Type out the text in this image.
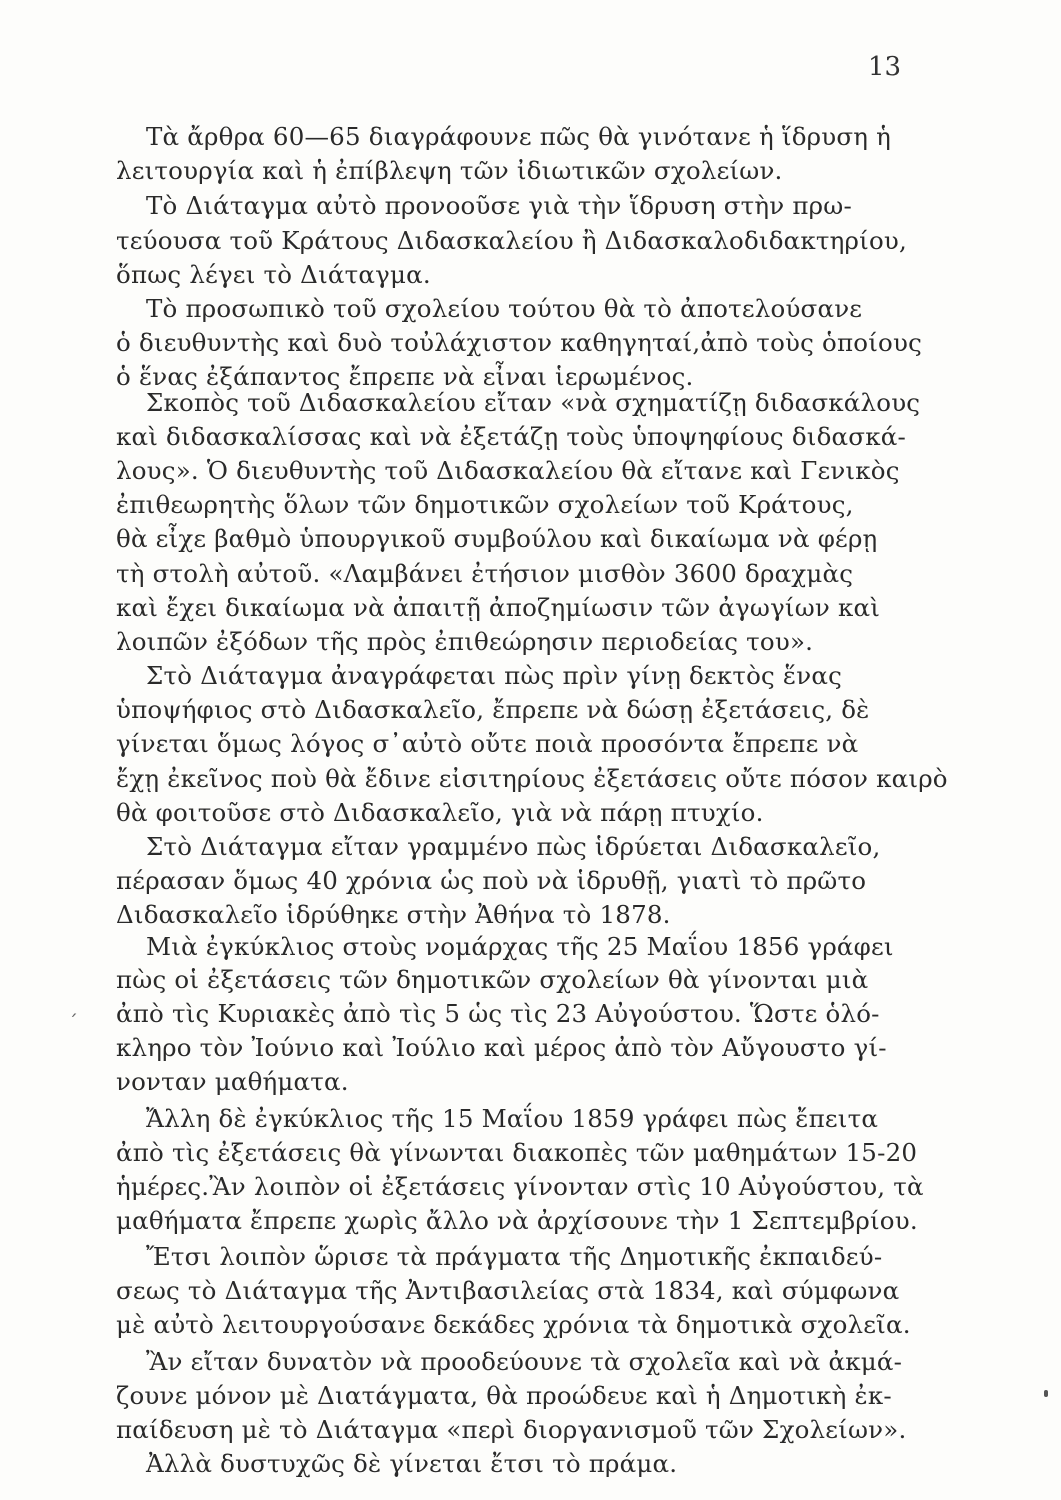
13
´
Τὰ ἄρθρα 60—65 διαγράφουνε πῶς θὰ γινότανε ἡ ἵδρυση ἡ
λειτουργία καὶ ἡ ἐπίβλεψη τῶν ἰδιωτικῶν σχολείων.
Τὸ Διάταγμα αὐτὸ προνοοῦσε γιὰ τὴν ἵδρυση στὴν πρω-
τεύουσα τοῦ Κράτους Διδασκαλείου ἢ Διδασκαλοδιδακτηρίου,
ὅπως λέγει τὸ Διάταγμα.
Τὸ προσωπικὸ τοῦ σχολείου τούτου θὰ τὸ ἀποτελούσανε
ὁ διευθυντὴς καὶ δυὸ τοὐλάχιστον καθηγηταί,ἀπὸ τοὺς ὁποίους
ὁ ἕνας ἐξάπαντος ἔπρεπε νὰ εἶναι ἱερωμένος.
Σκοπὸς τοῦ Διδασκαλείου εἴταν «νὰ σχηματίζῃ διδασκάλους
καὶ διδασκαλίσσας καὶ νὰ ἐξετάζῃ τοὺς ὑποψηφίους διδασκά-
λους». Ὁ διευθυντὴς τοῦ Διδασκαλείου θὰ εἴτανε καὶ Γενικὸς
ἐπιθεωρητὴς ὅλων τῶν δημοτικῶν σχολείων τοῦ Κράτους,
θὰ εἶχε βαθμὸ ὑπουργικοῦ συμβούλου καὶ δικαίωμα νὰ φέρῃ
τὴ στολὴ αὐτοῦ. «Λαμβάνει ἐτήσιον μισθὸν 3600 δραχμὰς
καὶ ἔχει δικαίωμα νὰ ἀπαιτῇ ἀποζημίωσιν τῶν ἀγωγίων καὶ
λοιπῶν ἐξόδων τῆς πρὸς ἐπιθεώρησιν περιοδείας του».
Στὸ Διάταγμα ἀναγράφεται πὼς πρὶν γίνῃ δεκτὸς ἕνας
ὑποψήφιος στὸ Διδασκαλεῖο, ἔπρεπε νὰ δώσῃ ἐξετάσεις, δὲ
γίνεται ὅμως λόγος σ᾽αὐτὸ οὔτε ποιὰ προσόντα ἔπρεπε νὰ
ἔχῃ ἐκεῖνος ποὺ θὰ ἔδινε εἰσιτηρίους ἐξετάσεις οὔτε πόσον καιρὸ
θὰ φοιτοῦσε στὸ Διδασκαλεῖο, γιὰ νὰ πάρῃ πτυχίο.
Στὸ Διάταγμα εἴταν γραμμένο πὼς ἱδρύεται Διδασκαλεῖο,
πέρασαν ὅμως 40 χρόνια ὡς ποὺ νὰ ἱδρυθῇ, γιατὶ τὸ πρῶτο
Διδασκαλεῖο ἱδρύθηκε στὴν Ἀθήνα τὸ 1878.
Μιὰ ἐγκύκλιος στοὺς νομάρχας τῆς 25 Μαΐου 1856 γράφει
πὼς οἱ ἐξετάσεις τῶν δημοτικῶν σχολείων θὰ γίνονται μιὰ
ἀπὸ τὶς Κυριακὲς ἀπὸ τὶς 5 ὡς τὶς 23 Αὐγούστου. Ὥστε ὁλό-
κληρο τὸν Ἰούνιο καὶ Ἰούλιο καὶ μέρος ἀπὸ τὸν Αὔγουστο γί-
νονταν μαθήματα.
Ἄλλη δὲ ἐγκύκλιος τῆς 15 Μαΐου 1859 γράφει πὼς ἔπειτα
ἀπὸ τὶς ἐξετάσεις θὰ γίνωνται διακοπὲς τῶν μαθημάτων 15-20
ἡμέρες.Ἂν λοιπὸν οἱ ἐξετάσεις γίνονταν στὶς 10 Αὐγούστου, τὰ
μαθήματα ἔπρεπε χωρὶς ἄλλο νὰ ἀρχίσουνε τὴν 1 Σεπτεμβρίου.
Ἔτσι λοιπὸν ὥρισε τὰ πράγματα τῆς Δημοτικῆς ἐκπαιδεύ-
σεως τὸ Διάταγμα τῆς Ἀντιβασιλείας στὰ 1834, καὶ σύμφωνα
μὲ αὐτὸ λειτουργούσανε δεκάδες χρόνια τὰ δημοτικὰ σχολεῖα.
Ἂν εἴταν δυνατὸν νὰ προοδεύουνε τὰ σχολεῖα καὶ νὰ ἀκμά-
ζουνε μόνον μὲ Διατάγματα, θὰ προώδευε καὶ ἡ Δημοτικὴ ἐκ-
παίδευση μὲ τὸ Διάταγμα «περὶ διοργανισμοῦ τῶν Σχολείων».
Ἀλλὰ δυστυχῶς δὲ γίνεται ἔτσι τὸ πράμα.
